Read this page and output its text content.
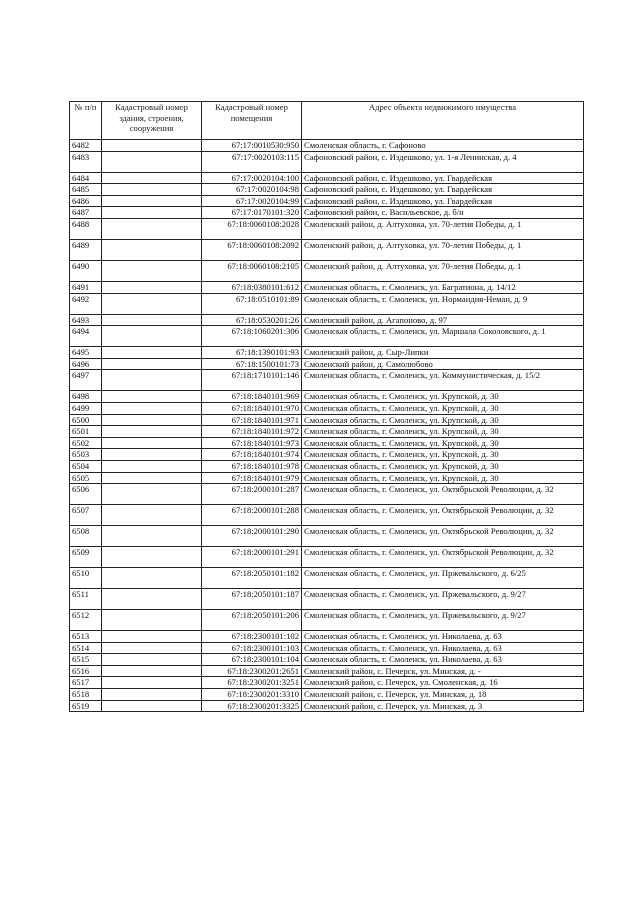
№ п/п	Кадастровый номер здания, строения, сооружения	Кадастровый номер помещения	Адрес объекта недвижимого имущества
6482		67:17:0010530:950	Смоленская область, г. Сафоново
6483		67:17:0020103:115	Сафоновский район, с. Издешково, ул. 1-я Ленинская, д. 4
6484		67:17:0020104:100	Сафоновский район, с. Издешково, ул. Гвардейская
6485		67:17:0020104:98	Сафоновский район, с. Издешково, ул. Гвардейская
6486		67:17:0020104:99	Сафоновский район, с. Издешково, ул. Гвардейская
6487		67:17:0170101:320	Сафоновский район, с. Васильевское, д. б/н
6488		67:18:0060108:2028	Смоленский район, д. Алтуховка, ул. 70-летия Победы, д. 1
6489		67:18:0060108:2092	Смоленский район, д. Алтуховка, ул. 70-летия Победы, д. 1
6490		67:18:0060108:2105	Смоленский район, д. Алтуховка, ул. 70-летия Победы, д. 1
6491		67:18:0380101:612	Смоленская область, г. Смоленск, ул. Багратиона, д. 14/12
6492		67:18:0510101:89	Смоленская область, г. Смоленск, ул. Нормандия-Неман, д. 9
6493		67:18:0530201:26	Смоленский район, д. Агапоново, д. 97
6494		67:18:1060201:306	Смоленская область, г. Смоленск, ул. Маршала Соколовского, д. 1
6495		67:18:1390101:93	Смоленский район, д. Сыр-Липки
6496		67:18:1500101:73	Смоленский район, д. Самолюбово
6497		67:18:1710101:146	Смоленская область, г. Смоленск, ул. Коммунистическая, д. 15/2
6498		67:18:1840101:969	Смоленская область, г. Смоленск, ул. Крупской, д. 30
6499		67:18:1840101:970	Смоленская область, г. Смоленск, ул. Крупской, д. 30
6500		67:18:1840101:971	Смоленская область, г. Смоленск, ул. Крупской, д. 30
6501		67:18:1840101:972	Смоленская область, г. Смоленск, ул. Крупской, д. 30
6502		67:18:1840101:973	Смоленская область, г. Смоленск, ул. Крупской, д. 30
6503		67:18:1840101:974	Смоленская область, г. Смоленск, ул. Крупской, д. 30
6504		67:18:1840101:978	Смоленская область, г. Смоленск, ул. Крупской, д. 30
6505		67:18:1840101:979	Смоленская область, г. Смоленск, ул. Крупской, д. 30
6506		67:18:2000101:287	Смоленская область, г. Смоленск, ул. Октябрьской Революции, д. 32
6507		67:18:2000101:288	Смоленская область, г. Смоленск, ул. Октябрьской Революции, д. 32
6508		67:18:2000101:290	Смоленская область, г. Смоленск, ул. Октябрьской Революции, д. 32
6509		67:18:2000101:291	Смоленская область, г. Смоленск, ул. Октябрьской Революции, д. 32
6510		67:18:2050101:182	Смоленская область, г. Смоленск, ул. Пржевальского, д. 6/25
6511		67:18:2050101:187	Смоленская область, г. Смоленск, ул. Пржевальского, д. 9/27
6512		67:18:2050101:206	Смоленская область, г. Смоленск, ул. Пржевальского, д. 9/27
6513		67:18:2300101:102	Смоленская область, г. Смоленск, ул. Николаева, д. 63
6514		67:18:2300101:103	Смоленская область, г. Смоленск, ул. Николаева, д. 63
6515		67:18:2300101:104	Смоленская область, г. Смоленск, ул. Николаева, д. 63
6516		67:18:2300201:2651	Смоленский район, с. Печерск, ул. Минская, д. -
6517		67:18:2300201:3251	Смоленский район, с. Печерск, ул. Смоленская, д. 16
6518		67:18:2300201:3310	Смоленский район, с. Печерск, ул. Минская, д. 18
6519		67:18:2300201:3325	Смоленский район, с. Печерск, ул. Минская, д. 3
